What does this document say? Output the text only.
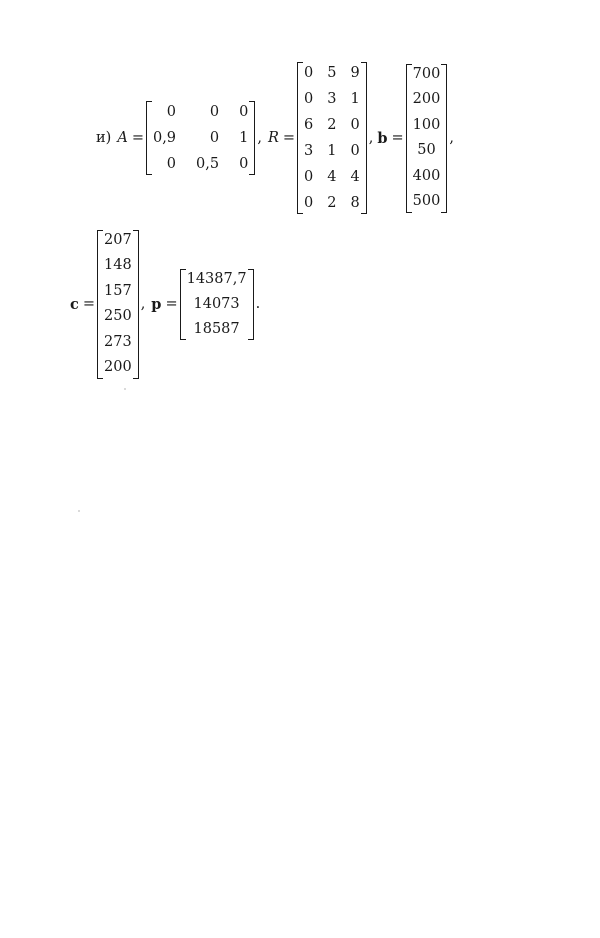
и) A =
0	0 0
0,9	0 1
0 0,5 0
, R =
0 5 9
0 3 1
6 2 0
3 1 0
0 4 4
0 2 8
, b =
700
200
100
50
400
500
,
c =
207
148
157
250
273
200
, p =
14387,7
14073
18587
.
